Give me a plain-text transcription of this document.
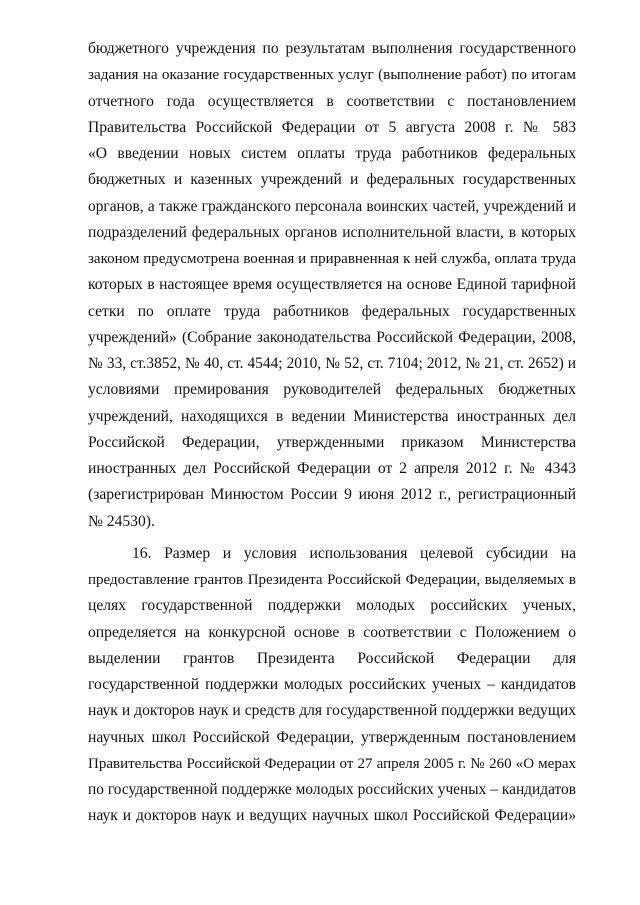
бюджетного учреждения по результатам выполнения государственного
задания на оказание государственных услуг (выполнение работ) по итогам
отчетного года осуществляется в соответствии с постановлением
Правительства Российской Федерации от 5 августа 2008 г. № 583
«О введении новых систем оплаты труда работников федеральных
бюджетных и казенных учреждений и федеральных государственных
органов, а также гражданского персонала воинских частей, учреждений и
подразделений федеральных органов исполнительной власти, в которых
законом предусмотрена военная и приравненная к ней служба, оплата труда
которых в настоящее время осуществляется на основе Единой тарифной
сетки по оплате труда работников федеральных государственных
учреждений» (Собрание законодательства Российской Федерации, 2008,
№ 33, ст.3852, № 40, ст. 4544; 2010, № 52, ст. 7104; 2012, № 21, ст. 2652) и
условиями премирования руководителей федеральных бюджетных
учреждений, находящихся в ведении Министерства иностранных дел
Российской Федерации, утвержденными приказом Министерства
иностранных дел Российской Федерации от 2 апреля 2012 г. № 4343
(зарегистрирован Минюстом России 9 июня 2012 г., регистрационный
№ 24530).
16. Размер и условия использования целевой субсидии на
предоставление грантов Президента Российской Федерации, выделяемых в
целях государственной поддержки молодых российских ученых,
определяется на конкурсной основе в соответствии с Положением о
выделении грантов Президента Российской Федерации для
государственной поддержки молодых российских ученых – кандидатов
наук и докторов наук и средств для государственной поддержки ведущих
научных школ Российской Федерации, утвержденным постановлением
Правительства Российской Федерации от 27 апреля 2005 г. № 260 «О мерах
по государственной поддержке молодых российских ученых – кандидатов
наук и докторов наук и ведущих научных школ Российской Федерации»
